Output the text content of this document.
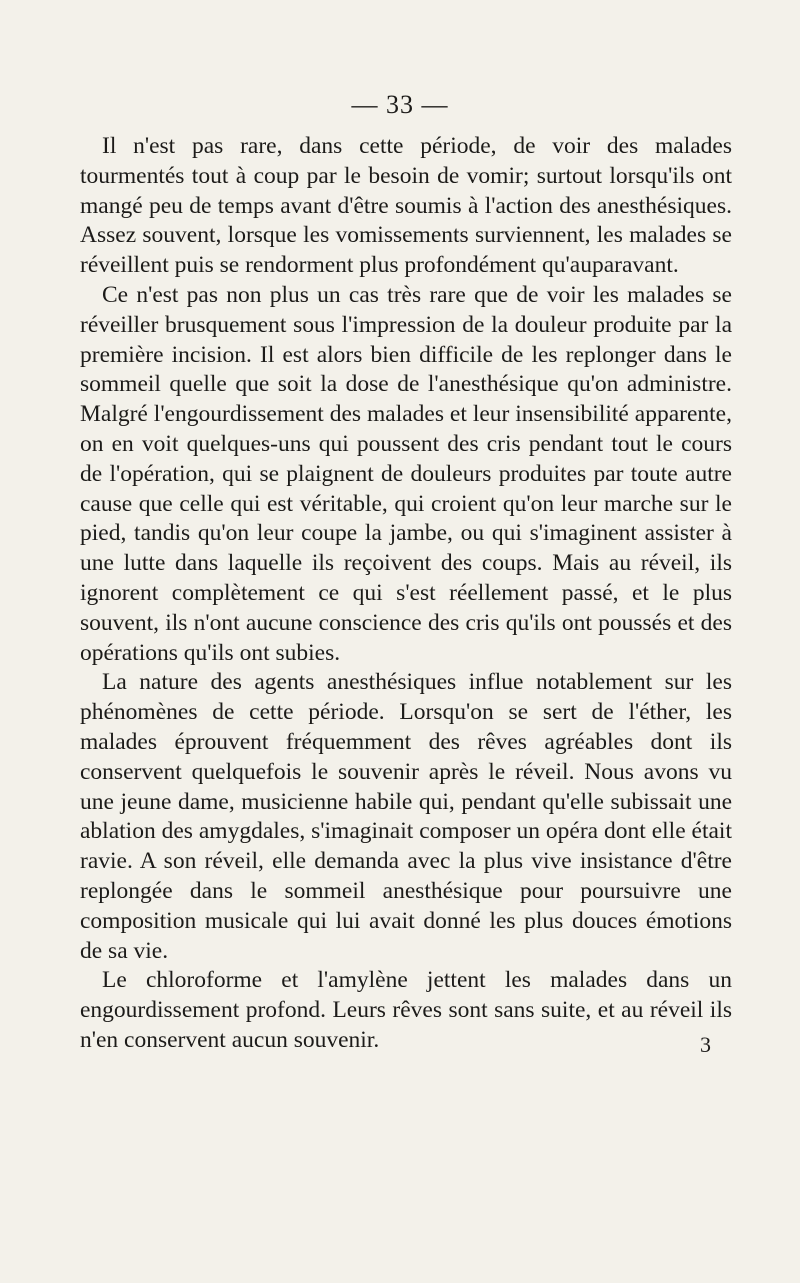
— 33 —

Il n'est pas rare, dans cette période, de voir des malades tourmentés tout à coup par le besoin de vomir; surtout lorsqu'ils ont mangé peu de temps avant d'être soumis à l'action des anesthésiques. Assez souvent, lorsque les vomissements surviennent, les malades se réveillent puis se rendorment plus profondément qu'auparavant.

Ce n'est pas non plus un cas très rare que de voir les malades se réveiller brusquement sous l'impression de la douleur produite par la première incision. Il est alors bien difficile de les replonger dans le sommeil quelle que soit la dose de l'anesthésique qu'on administre. Malgré l'engourdissement des malades et leur insensibilité apparente, on en voit quelques-uns qui poussent des cris pendant tout le cours de l'opération, qui se plaignent de douleurs produites par toute autre cause que celle qui est véritable, qui croient qu'on leur marche sur le pied, tandis qu'on leur coupe la jambe, ou qui s'imaginent assister à une lutte dans laquelle ils reçoivent des coups. Mais au réveil, ils ignorent complètement ce qui s'est réellement passé, et le plus souvent, ils n'ont aucune conscience des cris qu'ils ont poussés et des opérations qu'ils ont subies.

La nature des agents anesthésiques influe notablement sur les phénomènes de cette période. Lorsqu'on se sert de l'éther, les malades éprouvent fréquemment des rêves agréables dont ils conservent quelquefois le souvenir après le réveil. Nous avons vu une jeune dame, musicienne habile qui, pendant qu'elle subissait une ablation des amygdales, s'imaginait composer un opéra dont elle était ravie. A son réveil, elle demanda avec la plus vive insistance d'être replongée dans le sommeil anesthésique pour poursuivre une composition musicale qui lui avait donné les plus douces émotions de sa vie.

Le chloroforme et l'amylène jettent les malades dans un engourdissement profond. Leurs rêves sont sans suite, et au réveil ils n'en conservent aucun souvenir.	3
